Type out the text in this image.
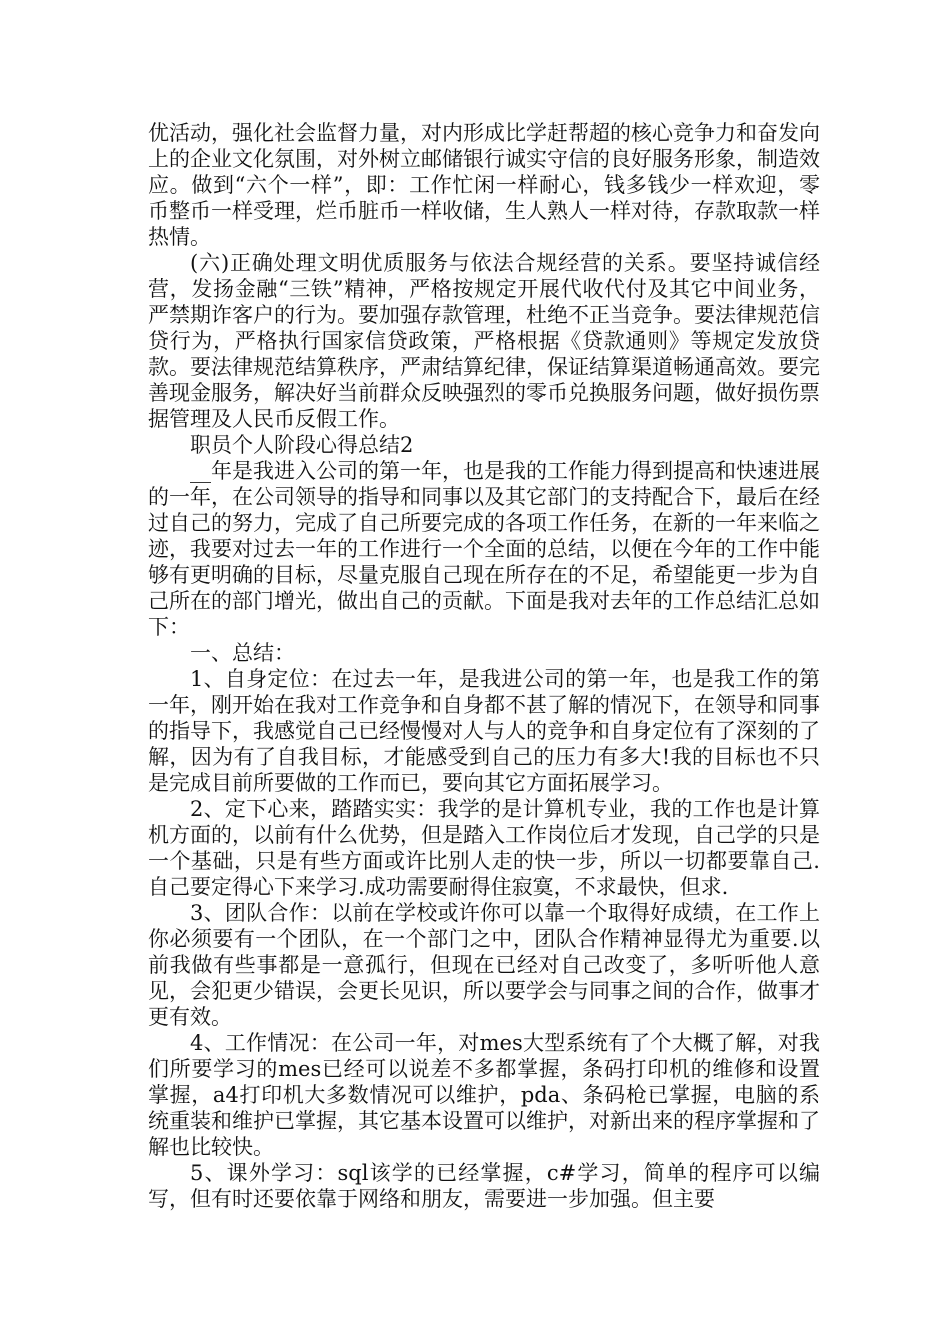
优活动，强化社会监督力量，对内形成比学赶帮超的核心竞争力和奋发向上的企业文化氛围，对外树立邮储银行诚实守信的良好服务形象，制造效应。做到“六个一样”，即：工作忙闲一样耐心，钱多钱少一样欢迎，零币整币一样受理，烂币脏币一样收储，生人熟人一样对待，存款取款一样热情。

(六)正确处理文明优质服务与依法合规经营的关系。要坚持诚信经营，发扬金融“三铁”精神，严格按规定开展代收代付及其它中间业务，严禁期诈客户的行为。要加强存款管理，杜绝不正当竞争。要法律规范信贷行为，严格执行国家信贷政策，严格根据《贷款通则》等规定发放贷款。要法律规范结算秩序，严肃结算纪律，保证结算渠道畅通高效。要完善现金服务，解决好当前群众反映强烈的零币兑换服务问题，做好损伤票据管理及人民币反假工作。

职员个人阶段心得总结2

__年是我进入公司的第一年，也是我的工作能力得到提高和快速进展的一年，在公司领导的指导和同事以及其它部门的支持配合下，最后在经过自己的努力，完成了自己所要完成的各项工作任务，在新的一年来临之迹，我要对过去一年的工作进行一个全面的总结，以便在今年的工作中能够有更明确的目标，尽量克服自己现在所存在的不足，希望能更一步为自己所在的部门增光，做出自己的贡献。下面是我对去年的工作总结汇总如下：

一、总结：

1、自身定位：在过去一年，是我进公司的第一年，也是我工作的第一年，刚开始在我对工作竞争和自身都不甚了解的情况下，在领导和同事的指导下，我感觉自己已经慢慢对人与人的竞争和自身定位有了深刻的了解，因为有了自我目标，才能感受到自己的压力有多大!我的目标也不只是完成目前所要做的工作而已，要向其它方面拓展学习。

2、定下心来，踏踏实实：我学的是计算机专业，我的工作也是计算机方面的，以前有什么优势，但是踏入工作岗位后才发现，自己学的只是一个基础，只是有些方面或许比别人走的快一步，所以一切都要靠自己.自己要定得心下来学习.成功需要耐得住寂寞，不求最快，但求.

3、团队合作：以前在学校或许你可以靠一个取得好成绩，在工作上你必须要有一个团队，在一个部门之中，团队合作精神显得尤为重要.以前我做有些事都是一意孤行，但现在已经对自己改变了，多听听他人意见，会犯更少错误，会更长见识，所以要学会与同事之间的合作，做事才更有效。

4、工作情况：在公司一年，对mes大型系统有了个大概了解，对我们所要学习的mes已经可以说差不多都掌握，条码打印机的维修和设置掌握，a4打印机大多数情况可以维护，pda、条码枪已掌握，电脑的系统重装和维护已掌握，其它基本设置可以维护，对新出来的程序掌握和了解也比较快。

5、课外学习：sql该学的已经掌握，c#学习，简单的程序可以编写，但有时还要依靠于网络和朋友，需要进一步加强。但主要
